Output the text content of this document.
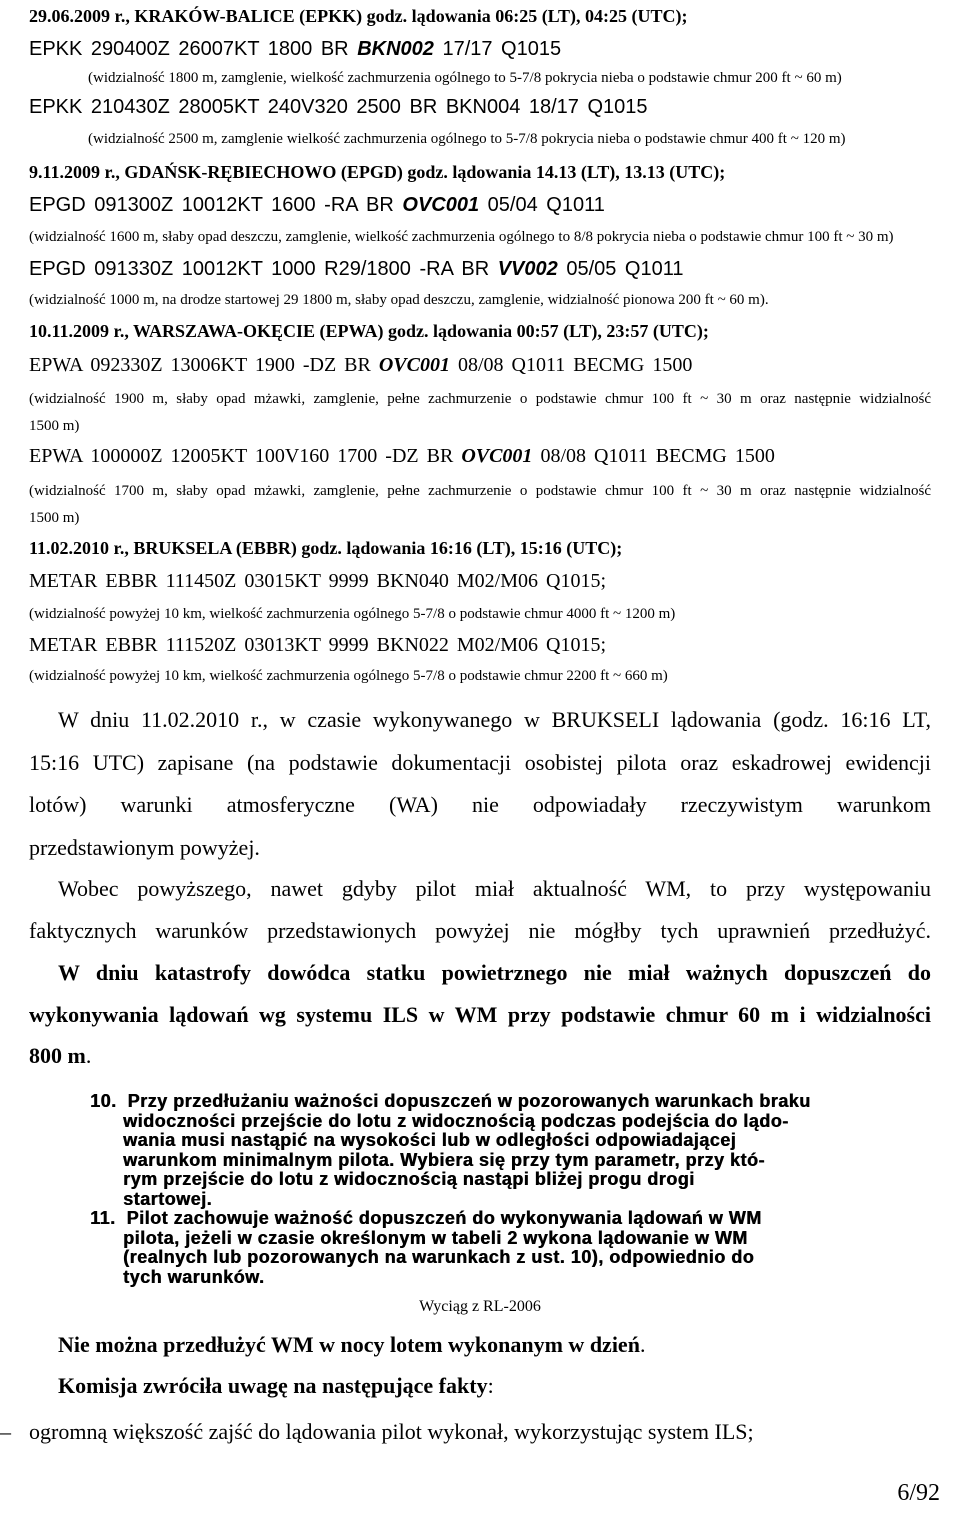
29.06.2009 r., KRAKÓW-BALICE (EPKK) godz. lądowania 06:25 (LT), 04:25 (UTC);
EPKK 290400Z 26007KT 1800 BR BKN002 17/17 Q1015
(widzialność 1800 m, zamglenie, wielkość zachmurzenia ogólnego to 5-7/8 pokrycia nieba o podstawie chmur 200 ft ~ 60 m)
EPKK 210430Z 28005KT 240V320 2500 BR BKN004 18/17 Q1015
(widzialność 2500 m, zamglenie wielkość zachmurzenia ogólnego to 5-7/8 pokrycia nieba o podstawie chmur 400 ft ~ 120 m)
9.11.2009 r., GDAŃSK-RĘBIECHOWO (EPGD) godz. lądowania 14.13 (LT), 13.13 (UTC);
EPGD 091300Z 10012KT 1600 -RA BR OVC001 05/04 Q1011
(widzialność 1600 m, słaby opad deszczu, zamglenie, wielkość zachmurzenia ogólnego to 8/8 pokrycia nieba o podstawie chmur 100 ft ~ 30 m)
EPGD 091330Z 10012KT 1000 R29/1800 -RA BR VV002 05/05 Q1011
(widzialność 1000 m, na drodze startowej 29 1800 m, słaby opad deszczu, zamglenie, widzialność pionowa 200 ft ~ 60 m).
10.11.2009 r., WARSZAWA-OKĘCIE (EPWA) godz. lądowania 00:57 (LT), 23:57 (UTC);
EPWA 092330Z 13006KT 1900 -DZ BR OVC001 08/08 Q1011 BECMG 1500
(widzialność 1900 m, słaby opad mżawki, zamglenie, pełne zachmurzenie o podstawie chmur 100 ft ~ 30 m oraz następnie widzialność
1500 m)
EPWA 100000Z 12005KT 100V160 1700 -DZ BR OVC001 08/08 Q1011 BECMG 1500
(widzialność 1700 m, słaby opad mżawki, zamglenie, pełne zachmurzenie o podstawie chmur 100 ft ~ 30 m oraz następnie widzialność
1500 m)
11.02.2010 r., BRUKSELA (EBBR) godz. lądowania 16:16 (LT), 15:16 (UTC);
METAR EBBR 111450Z 03015KT 9999 BKN040 M02/M06 Q1015;
(widzialność powyżej 10 km, wielkość zachmurzenia ogólnego 5-7/8 o podstawie chmur 4000 ft ~ 1200 m)
METAR EBBR 111520Z 03013KT 9999 BKN022 M02/M06 Q1015;
(widzialność powyżej 10 km, wielkość zachmurzenia ogólnego 5-7/8 o podstawie chmur 2200 ft ~ 660 m)
W dniu 11.02.2010 r., w czasie wykonywanego w BRUKSELI lądowania (godz. 16:16 LT,
15:16 UTC) zapisane (na podstawie dokumentacji osobistej pilota oraz eskadrowej ewidencji
lotów) warunki atmosferyczne (WA) nie odpowiadały rzeczywistym warunkom
przedstawionym powyżej.
Wobec powyższego, nawet gdyby pilot miał aktualność WM, to przy występowaniu
faktycznych warunków przedstawionych powyżej nie mógłby tych uprawnień przedłużyć.
W dniu katastrofy dowódca statku powietrznego nie miał ważnych dopuszczeń do
wykonywania lądowań wg systemu ILS w WM przy podstawie chmur 60 m i widzialności
800 m.
10.  Przy przedłużaniu ważności dopuszczeń w pozorowanych warunkach braku
widoczności przejście do lotu z widocznością podczas podejścia do lądo-
wania musi nastąpić na wysokości lub w odległości odpowiadającej
warunkom minimalnym pilota. Wybiera się przy tym parametr, przy któ-
rym przejście do lotu z widocznością nastąpi bliżej progu drogi
startowej.
11.  Pilot zachowuje ważność dopuszczeń do wykonywania lądowań w WM
pilota, jeżeli w czasie określonym w tabeli 2 wykona lądowanie w WM
(realnych lub pozorowanych na warunkach z ust. 10), odpowiednio do
tych warunków.
Wyciąg z RL-2006
Nie można przedłużyć WM w nocy lotem wykonanym w dzień.
Komisja zwróciła uwagę na następujące fakty:
– ogromną większość zajść do lądowania pilot wykonał, wykorzystując system ILS;
6/92
